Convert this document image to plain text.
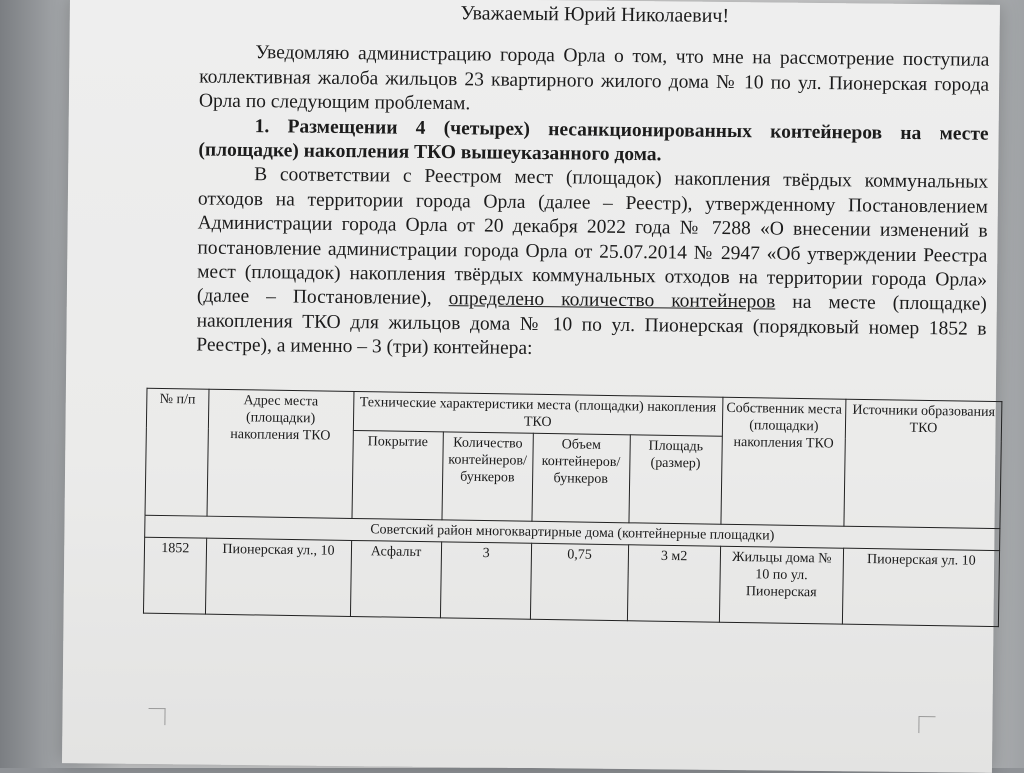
Уважаемый Юрий Николаевич!

Уведомляю администрацию города Орла о том, что мне на рассмотрение поступила коллективная жалоба жильцов 23 квартирного жилого дома № 10 по ул. Пионерская города Орла по следующим проблемам.

1. Размещении 4 (четырех) несанкционированных контейнеров на месте (площадке) накопления ТКО вышеуказанного дома.

В соответствии с Реестром мест (площадок) накопления твёрдых коммунальных отходов на территории города Орла (далее – Реестр), утвержденному Постановлением Администрации города Орла от 20 декабря 2022 года № 7288 «О внесении изменений в постановление администрации города Орла от 25.07.2014 № 2947 «Об утверждении Реестра мест (площадок) накопления твёрдых коммунальных отходов на территории города Орла» (далее – Постановление), определено количество контейнеров на месте (площадке) накопления ТКО для жильцов дома № 10 по ул. Пионерская (порядковый номер 1852 в Реестре), а именно – 3 (три) контейнера:

№ п/п	Адрес места (площадки) накопления ТКО	Технические характеристики места (площадки) накопления ТКО				Собственник места (площадки) накопления ТКО	Источники образования ТКО
		Покрытие	Количество контейнеров/ бункеров	Объем контейнеров/ бункеров	Площадь (размер)		
Советский район многоквартирные дома (контейнерные площадки)							
1852	Пионерская ул., 10	Асфальт	3	0,75	3 м2	Жильцы дома № 10 по ул. Пионерская	Пионерская ул. 10
